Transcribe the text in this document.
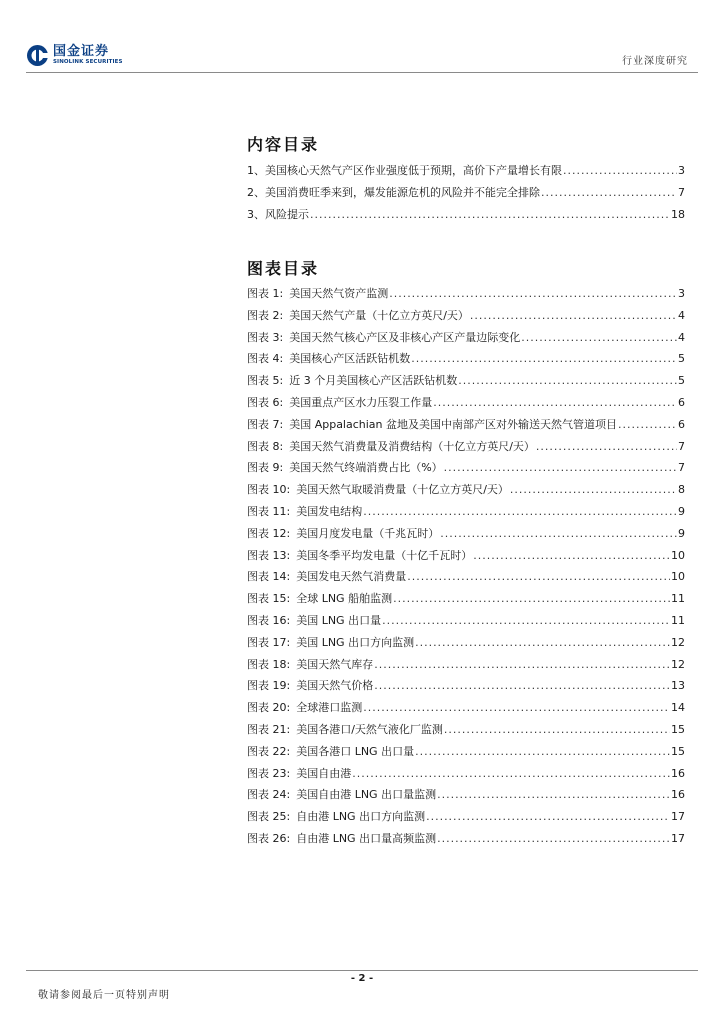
国金证券
SINOLINK SECURITIES	行业深度研究
内容目录
1、美国核心天然气产区作业强度低于预期，高价下产量增长有限 .....	3
2、美国消费旺季来到，爆发能源危机的风险并不能完全排除 .....	7
3、风险提示 .....	18
图表目录
图表 1: 美国天然气资产监测 .....	3
图表 2: 美国天然气产量（十亿立方英尺/天） .....	4
图表 3: 美国天然气核心产区及非核心产区产量边际变化 .....	4
图表 4: 美国核心产区活跃钻机数 .....	5
图表 5: 近 3 个月美国核心产区活跃钻机数 .....	5
图表 6: 美国重点产区水力压裂工作量 .....	6
图表 7: 美国 Appalachian 盆地及美国中南部产区对外输送天然气管道项目 .....	6
图表 8: 美国天然气消费量及消费结构（十亿立方英尺/天） .....	7
图表 9: 美国天然气终端消费占比（%） .....	7
图表 10: 美国天然气取暖消费量（十亿立方英尺/天） .....	8
图表 11: 美国发电结构 .....	9
图表 12: 美国月度发电量（千兆瓦时） .....	9
图表 13: 美国冬季平均发电量（十亿千瓦时） .....	10
图表 14: 美国发电天然气消费量 .....	10
图表 15: 全球 LNG 船舶监测 .....	11
图表 16: 美国 LNG 出口量 .....	11
图表 17: 美国 LNG 出口方向监测 .....	12
图表 18: 美国天然气库存 .....	12
图表 19: 美国天然气价格 .....	13
图表 20: 全球港口监测 .....	14
图表 21: 美国各港口/天然气液化厂监测 .....	15
图表 22: 美国各港口 LNG 出口量 .....	15
图表 23: 美国自由港 .....	16
图表 24: 美国自由港 LNG 出口量监测 .....	16
图表 25: 自由港 LNG 出口方向监测 .....	17
图表 26: 自由港 LNG 出口量高频监测 .....	17
- 2 -
敬请参阅最后一页特别声明
